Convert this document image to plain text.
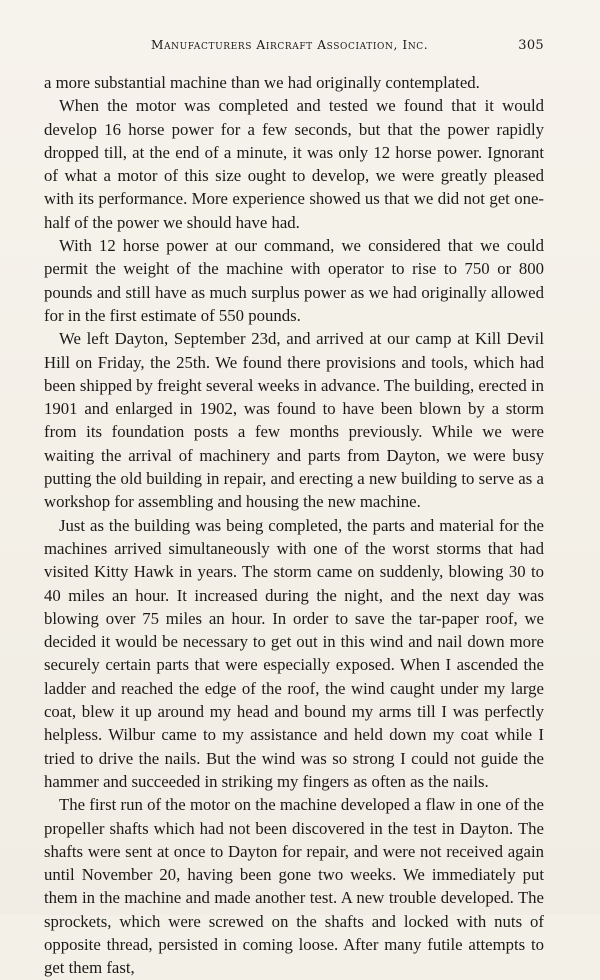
Manufacturers Aircraft Association, Inc.	305

a more substantial machine than we had originally contemplated.

When the motor was completed and tested we found that it would develop 16 horse power for a few seconds, but that the power rapidly dropped till, at the end of a minute, it was only 12 horse power. Ignorant of what a motor of this size ought to develop, we were greatly pleased with its performance. More experience showed us that we did not get one-half of the power we should have had.

With 12 horse power at our command, we considered that we could permit the weight of the machine with operator to rise to 750 or 800 pounds and still have as much surplus power as we had originally allowed for in the first estimate of 550 pounds.

We left Dayton, September 23d, and arrived at our camp at Kill Devil Hill on Friday, the 25th. We found there provisions and tools, which had been shipped by freight several weeks in advance. The building, erected in 1901 and enlarged in 1902, was found to have been blown by a storm from its foundation posts a few months previously. While we were waiting the arrival of machinery and parts from Dayton, we were busy putting the old building in repair, and erecting a new building to serve as a workshop for assembling and housing the new machine.

Just as the building was being completed, the parts and material for the machines arrived simultaneously with one of the worst storms that had visited Kitty Hawk in years. The storm came on suddenly, blowing 30 to 40 miles an hour. It increased during the night, and the next day was blowing over 75 miles an hour. In order to save the tar-paper roof, we decided it would be necessary to get out in this wind and nail down more securely certain parts that were especially exposed. When I ascended the ladder and reached the edge of the roof, the wind caught under my large coat, blew it up around my head and bound my arms till I was perfectly helpless. Wilbur came to my assistance and held down my coat while I tried to drive the nails. But the wind was so strong I could not guide the hammer and succeeded in striking my fingers as often as the nails.

The first run of the motor on the machine developed a flaw in one of the propeller shafts which had not been discovered in the test in Dayton. The shafts were sent at once to Dayton for repair, and were not received again until November 20, having been gone two weeks. We immediately put them in the machine and made another test. A new trouble developed. The sprockets, which were screwed on the shafts and locked with nuts of opposite thread, persisted in coming loose. After many futile attempts to get them fast,
